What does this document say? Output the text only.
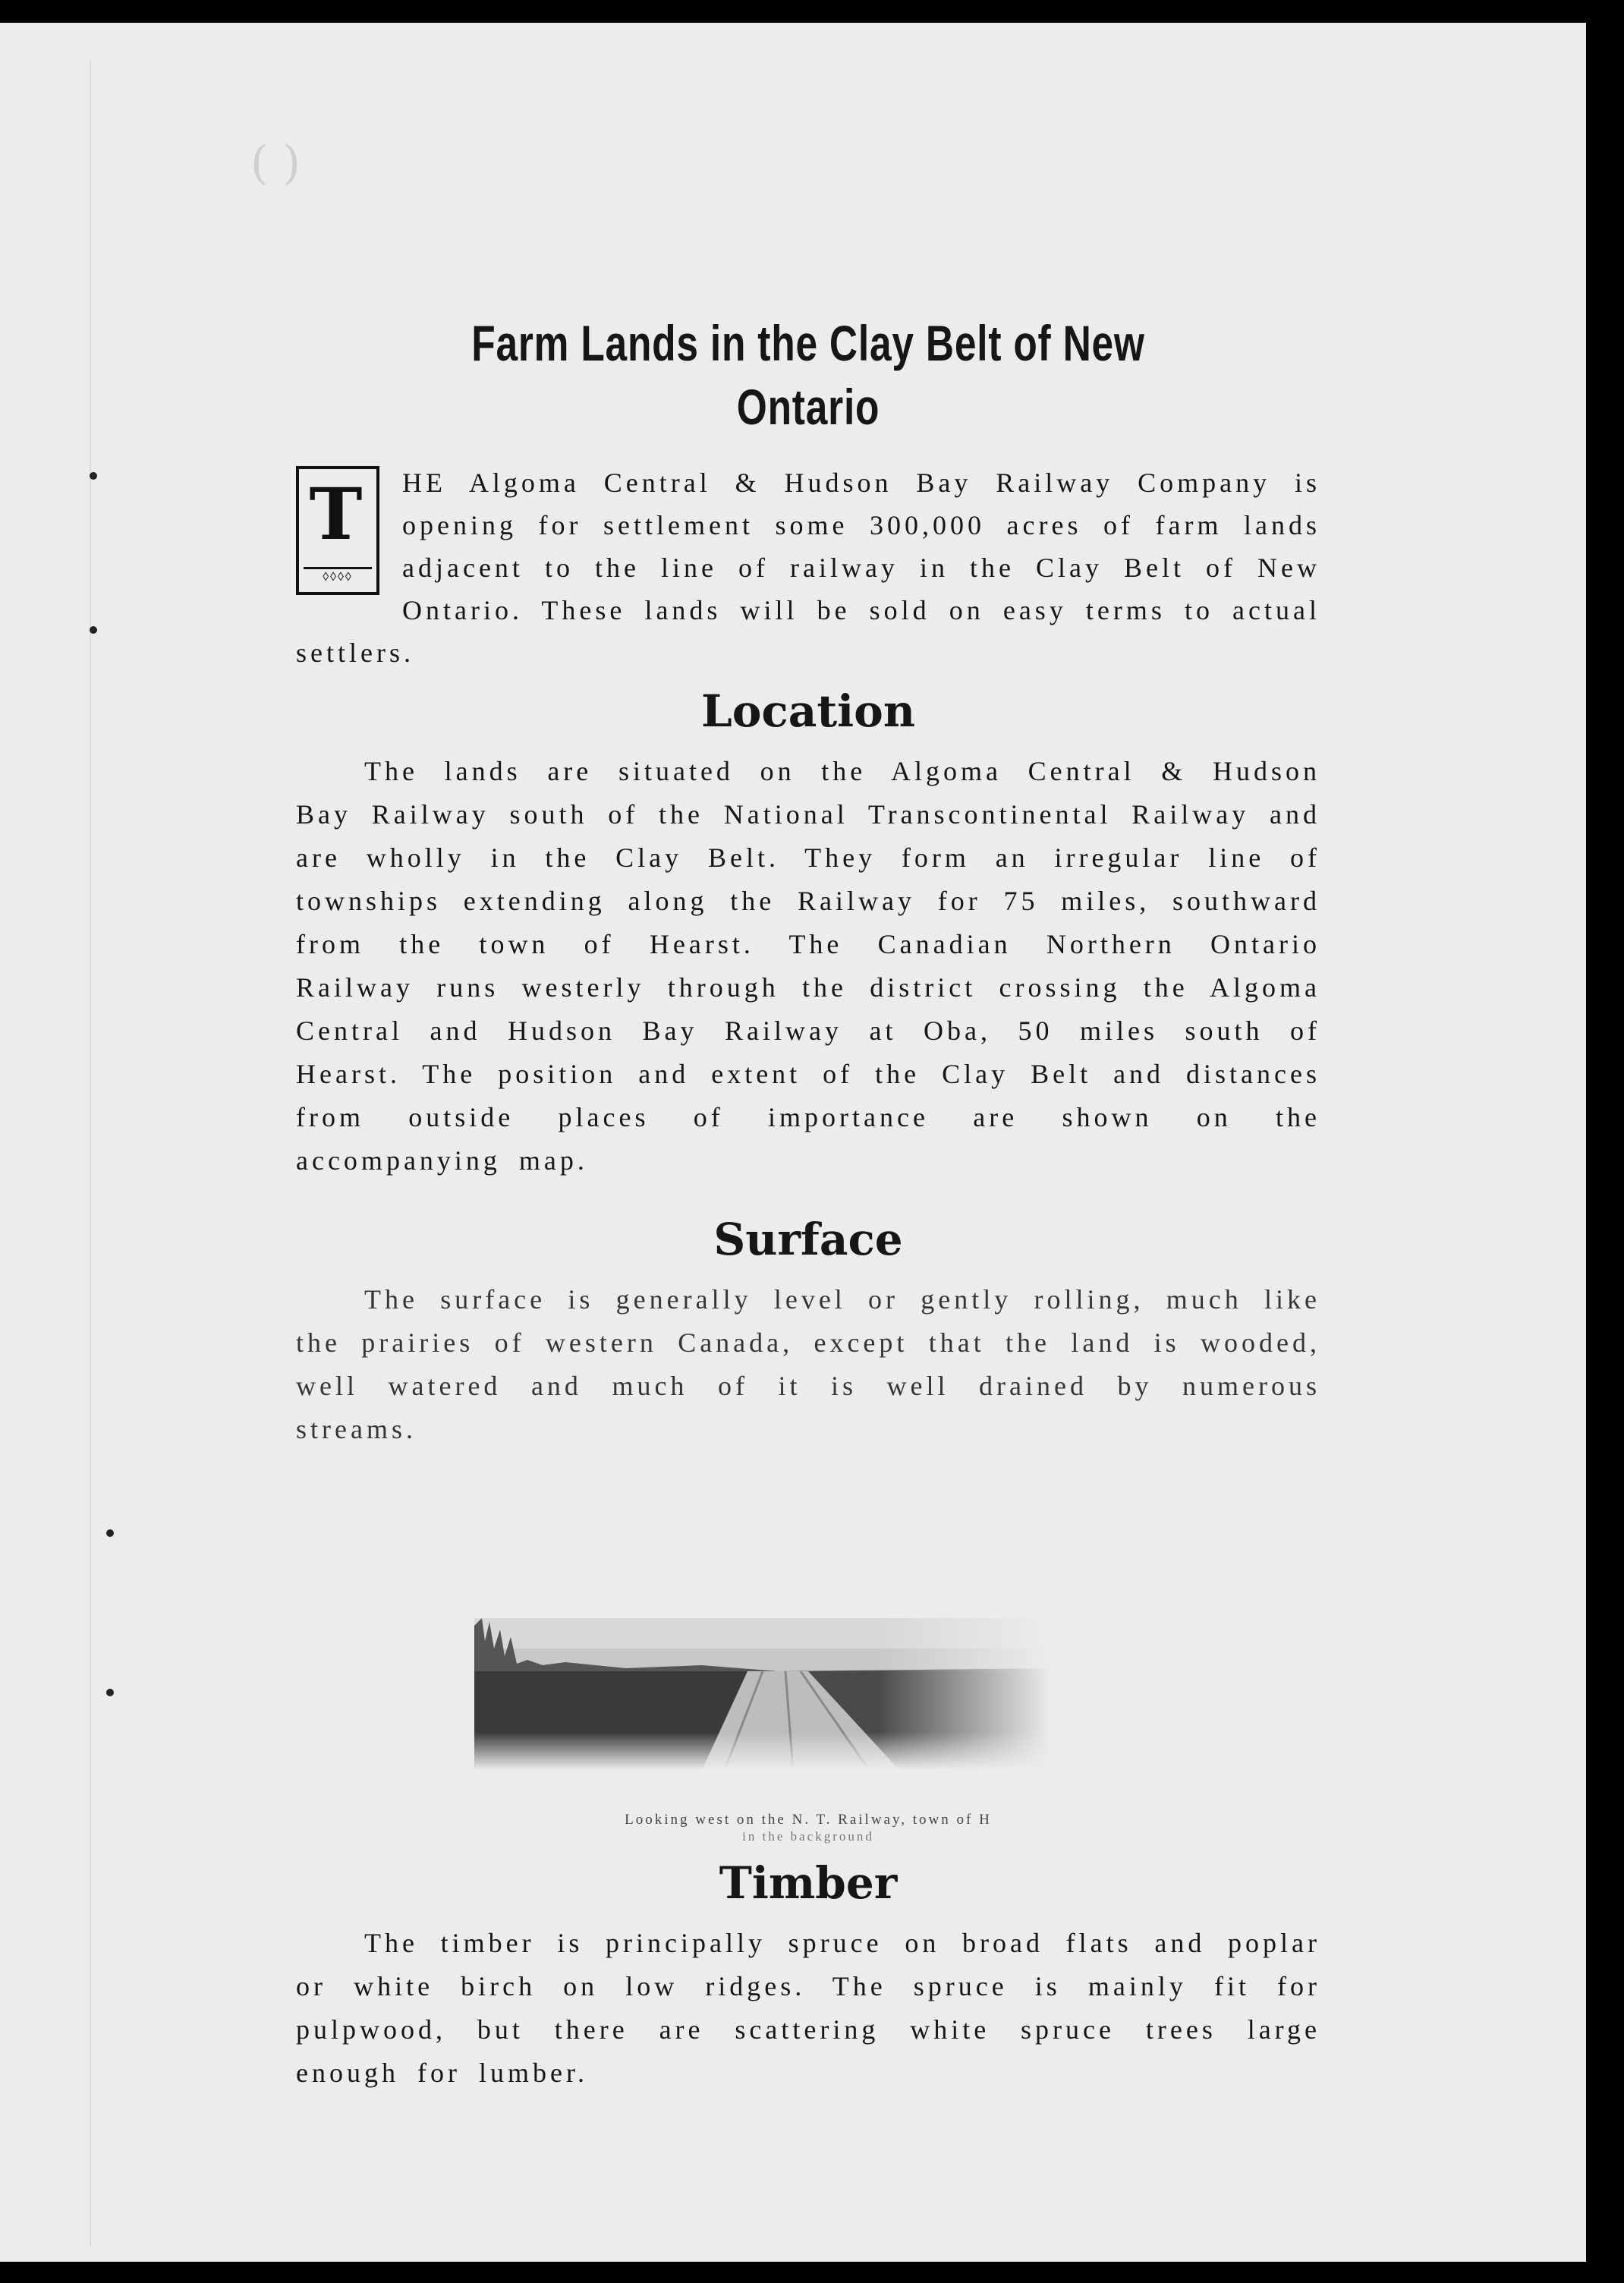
( )
Farm Lands in the Clay Belt of New Ontario
T
◊◊◊◊
HE Algoma Central & Hudson Bay Railway Company is opening for settlement some 300,000 acres of farm lands adjacent to the line of railway in the Clay Belt of New Ontario. These lands will be sold on easy terms to actual settlers.
Location

The lands are situated on the Algoma Central & Hudson Bay Railway south of the National Transcontinental Railway and are wholly in the Clay Belt. They form an irregular line of townships extending along the Railway for 75 miles, southward from the town of Hearst. The Canadian Northern Ontario Railway runs westerly through the district crossing the Algoma Central and Hudson Bay Railway at Oba, 50 miles south of Hearst. The position and extent of the Clay Belt and distances from outside places of importance are shown on the accompanying map.

Surface

The surface is generally level or gently rolling, much like the prairies of western Canada, except that the land is wooded, well watered and much of it is well drained by numerous streams.

Looking west on the N. T. Railway, town of H
in the background
Timber

The timber is principally spruce on broad flats and poplar or white birch on low ridges. The spruce is mainly fit for pulpwood, but there are scattering white spruce trees large enough for lumber.
